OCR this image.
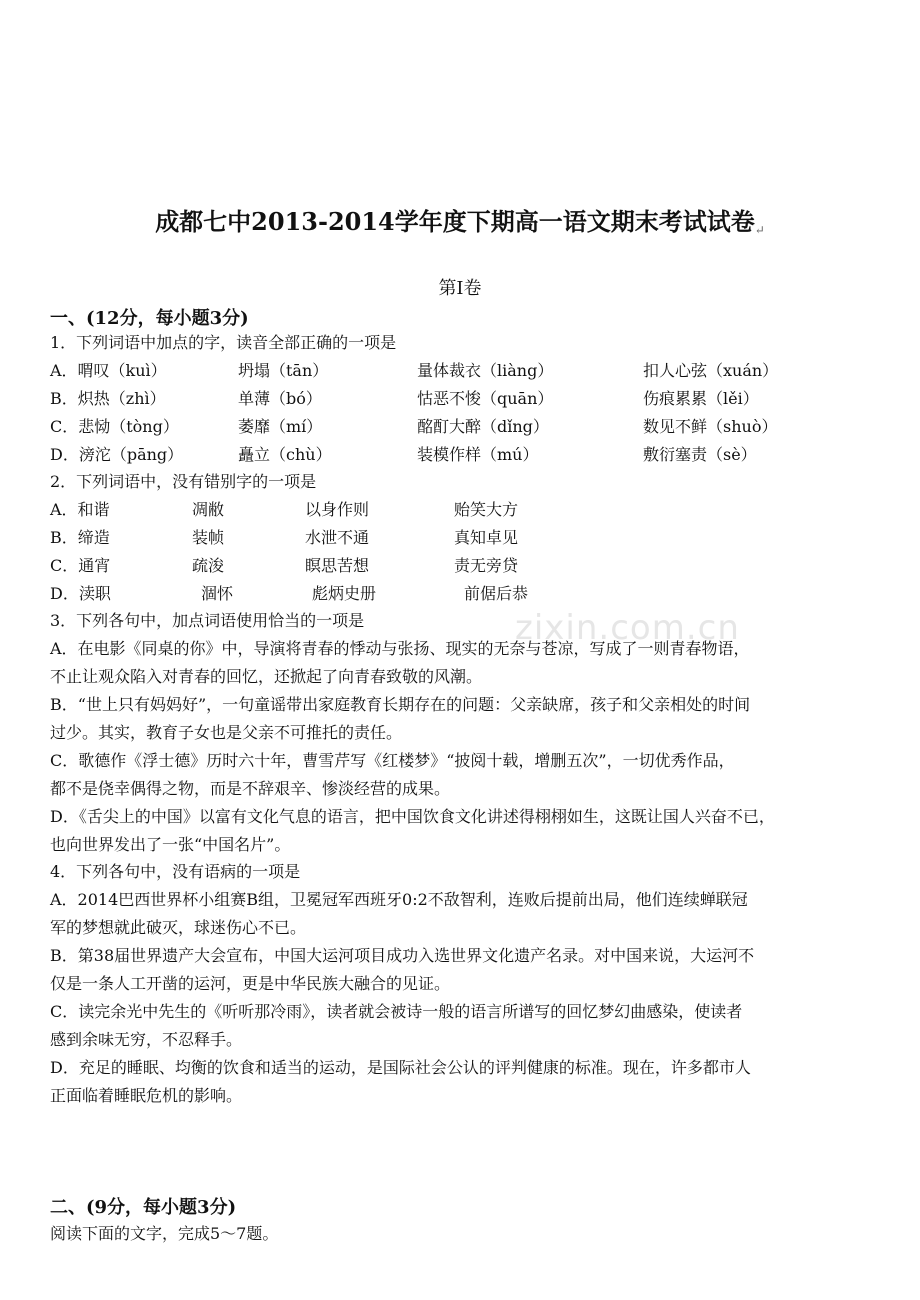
zixin.com.cn
成都七中2013-2014学年度下期高一语文期末考试试卷↵
第Ⅰ卷
一、(12分，每小题3分)
1．下列词语中加点的字，读音全部正确的一项是
A．喟叹（kuì）	坍塌（tān）	量体裁衣（liàng）	扣人心弦（xuán）
B．炽热（zhì）	单薄（bó）	怙恶不悛（quān）	伤痕累累（lěi）
C．悲恸（tòng）	萎靡（mí）	酩酊大醉（dǐng）	数见不鲜（shuò）
D．滂沱（pāng）	矗立（chù）	装模作样（mú）	敷衍塞责（sè）
2．下列词语中，没有错别字的一项是
A．和谐	凋敝	以身作则	贻笑大方
B．缔造	装帧	水泄不通	真知卓见
C．通宵	疏浚	瞑思苦想	责无旁贷
D．渎职	涸怀	彪炳史册	前倨后恭
3．下列各句中，加点词语使用恰当的一项是
A．在电影《同桌的你》中，导演将青春的悸动与张扬、现实的无奈与苍凉，写成了一则青春物语，
不止让观众陷入对青春的回忆，还掀起了向青春致敬的风潮。
B．“世上只有妈妈好”，一句童谣带出家庭教育长期存在的问题：父亲缺席，孩子和父亲相处的时间
过少。其实，教育子女也是父亲不可推托的责任。
C．歌德作《浮士德》历时六十年，曹雪芹写《红楼梦》“披阅十载，增删五次”，一切优秀作品，
都不是侥幸偶得之物，而是不辞艰辛、惨淡经营的成果。
D．《舌尖上的中国》以富有文化气息的语言，把中国饮食文化讲述得栩栩如生，这既让国人兴奋不已，
也向世界发出了一张“中国名片”。
4．下列各句中，没有语病的一项是
A．2014巴西世界杯小组赛B组，卫冕冠军西班牙0:2不敌智利，连败后提前出局，他们连续蝉联冠
军的梦想就此破灭，球迷伤心不已。
B．第38届世界遗产大会宣布，中国大运河项目成功入选世界文化遗产名录。对中国来说，大运河不
仅是一条人工开凿的运河，更是中华民族大融合的见证。
C．读完余光中先生的《听听那冷雨》，读者就会被诗一般的语言所谱写的回忆梦幻曲感染，使读者
感到余味无穷，不忍释手。
D．充足的睡眠、均衡的饮食和适当的运动，是国际社会公认的评判健康的标准。现在，许多都市人
正面临着睡眠危机的影响。
二、(9分，每小题3分)
阅读下面的文字，完成5～7题。
